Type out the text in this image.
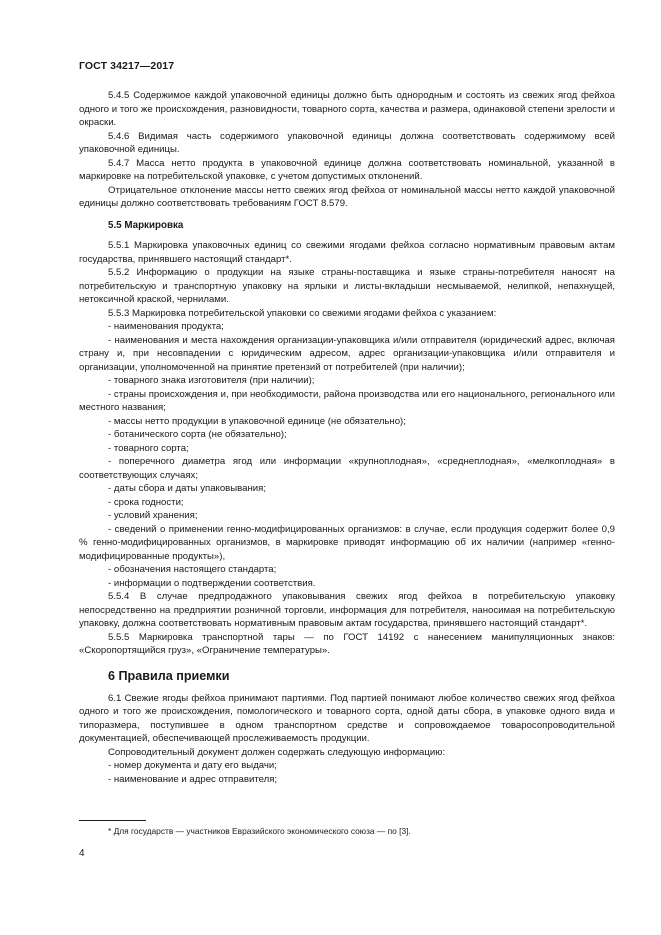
ГОСТ 34217—2017

5.4.5 Содержимое каждой упаковочной единицы должно быть однородным и состоять из свежих ягод фейхоа одного и того же происхождения, разновидности, товарного сорта, качества и размера, одинаковой степени зрелости и окраски.

5.4.6 Видимая часть содержимого упаковочной единицы должна соответствовать содержимому всей упаковочной единицы.

5.4.7 Масса нетто продукта в упаковочной единице должна соответствовать номинальной, указанной в маркировке на потребительской упаковке, с учетом допустимых отклонений.

Отрицательное отклонение массы нетто свежих ягод фейхоа от номинальной массы нетто каждой упаковочной единицы должно соответствовать требованиям ГОСТ 8.579.

5.5 Маркировка

5.5.1 Маркировка упаковочных единиц со свежими ягодами фейхоа согласно нормативным правовым актам государства, принявшего настоящий стандарт*.

5.5.2 Информацию о продукции на языке страны-поставщика и языке страны-потребителя наносят на потребительскую и транспортную упаковку на ярлыки и листы-вкладыши несмываемой, нелипкой, непахнущей, нетоксичной краской, чернилами.

5.5.3 Маркировка потребительской упаковки со свежими ягодами фейхоа с указанием:

- наименования продукта;

- наименования и места нахождения организации-упаковщика и/или отправителя (юридический адрес, включая страну и, при несовпадении с юридическим адресом, адрес организации-упаковщика и/или отправителя и организации, уполномоченной на принятие претензий от потребителей (при наличии);

- товарного знака изготовителя (при наличии);

- страны происхождения и, при необходимости, района производства или его национального, регионального или местного названия;

- массы нетто продукции в упаковочной единице (не обязательно);

- ботанического сорта (не обязательно);

- товарного сорта;

- поперечного диаметра ягод или информации «крупноплодная», «среднеплодная», «мелкоплодная» в соответствующих случаях;

- даты сбора и даты упаковывания;

- срока годности;

- условий хранения;

- сведений о применении генно-модифицированных организмов: в случае, если продукция содержит более 0,9 % генно-модифицированных организмов, в маркировке приводят информацию об их наличии (например «генно-модифицированные продукты»),

- обозначения настоящего стандарта;

- информации о подтверждении соответствия.

5.5.4 В случае предпродажного упаковывания свежих ягод фейхоа в потребительскую упаковку непосредственно на предприятии розничной торговли, информация для потребителя, наносимая на потребительскую упаковку, должна соответствовать нормативным правовым актам государства, принявшего настоящий стандарт*.

5.5.5 Маркировка транспортной тары — по ГОСТ 14192 с нанесением манипуляционных знаков: «Скоропортящийся груз», «Ограничение температуры».

6 Правила приемки

6.1 Свежие ягоды фейхоа принимают партиями. Под партией понимают любое количество свежих ягод фейхоа одного и того же происхождения, помологического и товарного сорта, одной даты сбора, в упаковке одного вида и типоразмера, поступившее в одном транспортном средстве и сопровождаемое товаросопроводительной документацией, обеспечивающей прослеживаемость продукции.

Сопроводительный документ должен содержать следующую информацию:

- номер документа и дату его выдачи;

- наименование и адрес отправителя;

* Для государств — участников Евразийского экономического союза — по [3].
4
